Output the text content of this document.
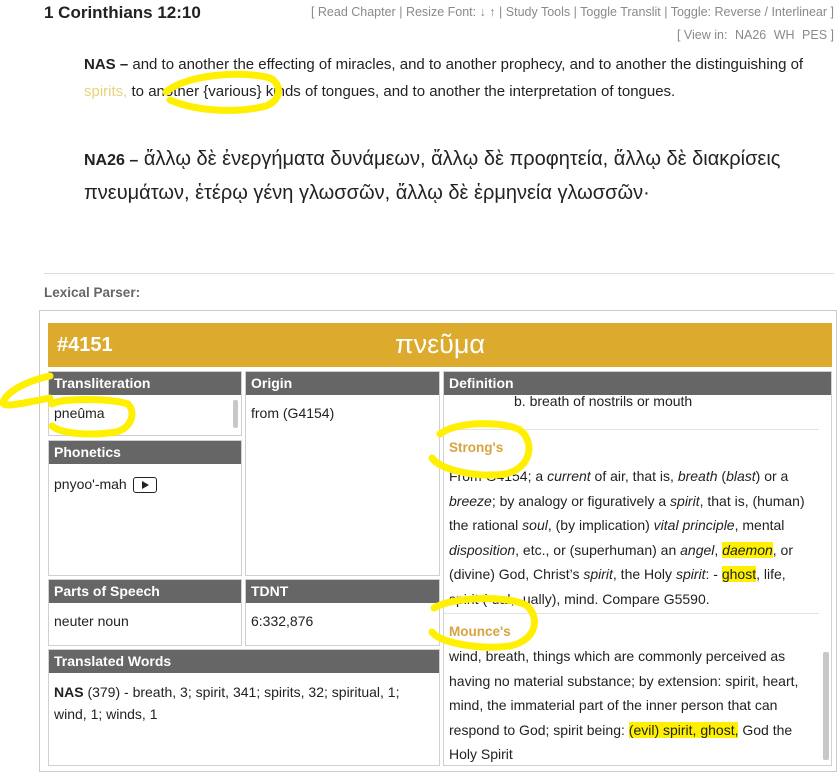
1 Corinthians 12:10	[ Read Chapter | Resize Font: ↓ ↑ | Study Tools | Toggle Translit | Toggle: Reverse / Interlinear ]
[ View in: NA26 WH PES ]
NAS – and to another the effecting of miracles, and to another prophecy, and to another the distinguishing of spirits, to another {various} kinds of tongues, and to another the interpretation of tongues.
NA26 – ἄλλῳ δὲ ἐνεργήματα δυνάμεων, ἄλλῳ δὲ προφητεία, ἄλλῳ δὲ διακρίσεις πνευμάτων, ἑτέρῳ γένη γλωσσῶν, ἄλλῳ δὲ ἑρμηνεία γλωσσῶν·
Lexical Parser:
#4151	πνεῦμα
Transliteration
pneûma
Phonetics
pnyoo'-mah
Origin
from (G4154)
Parts of Speech
neuter noun
TDNT
6:332,876
Translated Words
NAS (379) - breath, 3; spirit, 341; spirits, 32; spiritual, 1; wind, 1; winds, 1
Definition
b. breath of nostrils or mouth
Strong's
From G4154; a current of air, that is, breath (blast) or a breeze; by analogy or figuratively a spirit, that is, (human) the rational soul, (by implication) vital principle, mental disposition, etc., or (superhuman) an angel, daemon, or (divine) God, Christ’s spirit, the Holy spirit: - ghost, life, spirit (-ual, -ually), mind. Compare G5590.
Mounce's
wind, breath, things which are commonly perceived as having no material substance; by extension: spirit, heart, mind, the immaterial part of the inner person that can respond to God; spirit being: (evil) spirit, ghost, God the Holy Spirit
